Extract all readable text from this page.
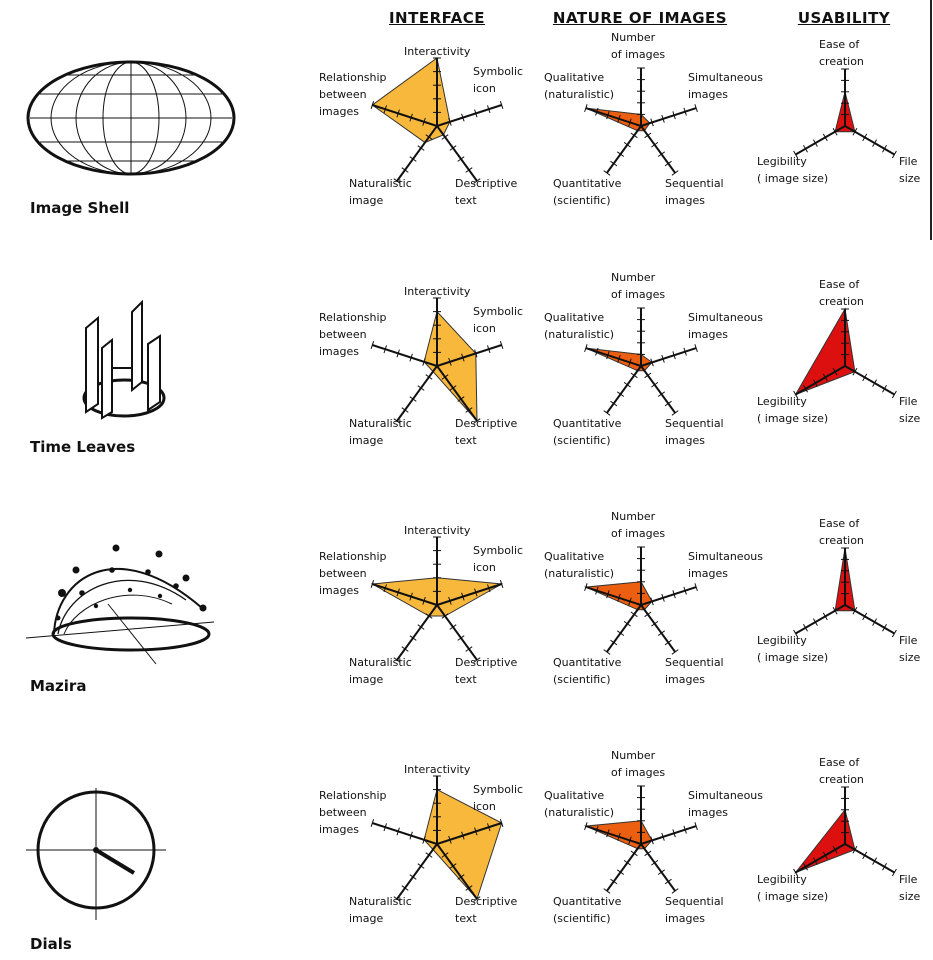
INTERFACE	NATURE OF IMAGES	USABILITY
Image Shell
Time Leaves
Mazira
Dials
Interactivity
Symbolic
icon
Descriptive
text
Naturalistic
image
Relationship
between
images
Number
of images
Simultaneous
images
Sequential
images
Quantitative
(scientific)
Qualitative
(naturalistic)
Ease of
creation
File
size
Legibility
( image size)
Interactivity
Symbolic
icon
Descriptive
text
Naturalistic
image
Relationship
between
images
Number
of images
Simultaneous
images
Sequential
images
Quantitative
(scientific)
Qualitative
(naturalistic)
Ease of
creation
File
size
Legibility
( image size)
Interactivity
Symbolic
icon
Descriptive
text
Naturalistic
image
Relationship
between
images
Number
of images
Simultaneous
images
Sequential
images
Quantitative
(scientific)
Qualitative
(naturalistic)
Ease of
creation
File
size
Legibility
( image size)
Interactivity
Symbolic
icon
Descriptive
text
Naturalistic
image
Relationship
between
images
Number
of images
Simultaneous
images
Sequential
images
Quantitative
(scientific)
Qualitative
(naturalistic)
Ease of
creation
File
size
Legibility
( image size)
